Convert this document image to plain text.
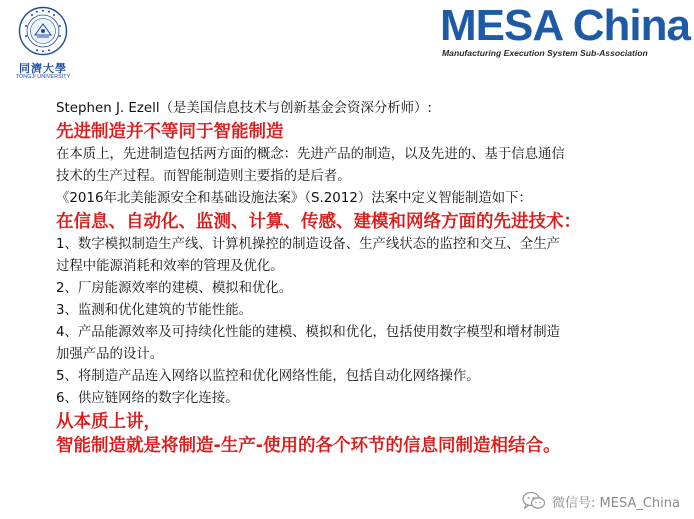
同濟大學
TONGJI UNIVERSITY
MESA China
Manufacturing Execution System Sub-Association
Stephen J. Ezell（是美国信息技术与创新基金会资深分析师）:
先进制造并不等同于智能制造
在本质上，先进制造包括两方面的概念：先进产品的制造，以及先进的、基于信息通信
技术的生产过程。而智能制造则主要指的是后者。
《2016年北美能源安全和基础设施法案》（S.2012）法案中定义智能制造如下：
在信息、自动化、监测、计算、传感、建模和网络方面的先进技术：
1、数字模拟制造生产线、计算机操控的制造设备、生产线状态的监控和交互、全生产
过程中能源消耗和效率的管理及优化。
2、厂房能源效率的建模、模拟和优化。
3、监测和优化建筑的节能性能。
4、产品能源效率及可持续化性能的建模、模拟和优化，包括使用数字模型和增材制造
加强产品的设计。
5、将制造产品连入网络以监控和优化网络性能，包括自动化网络操作。
6、供应链网络的数字化连接。
从本质上讲，
智能制造就是将制造-生产-使用的各个环节的信息同制造相结合。
微信号: MESA_China
